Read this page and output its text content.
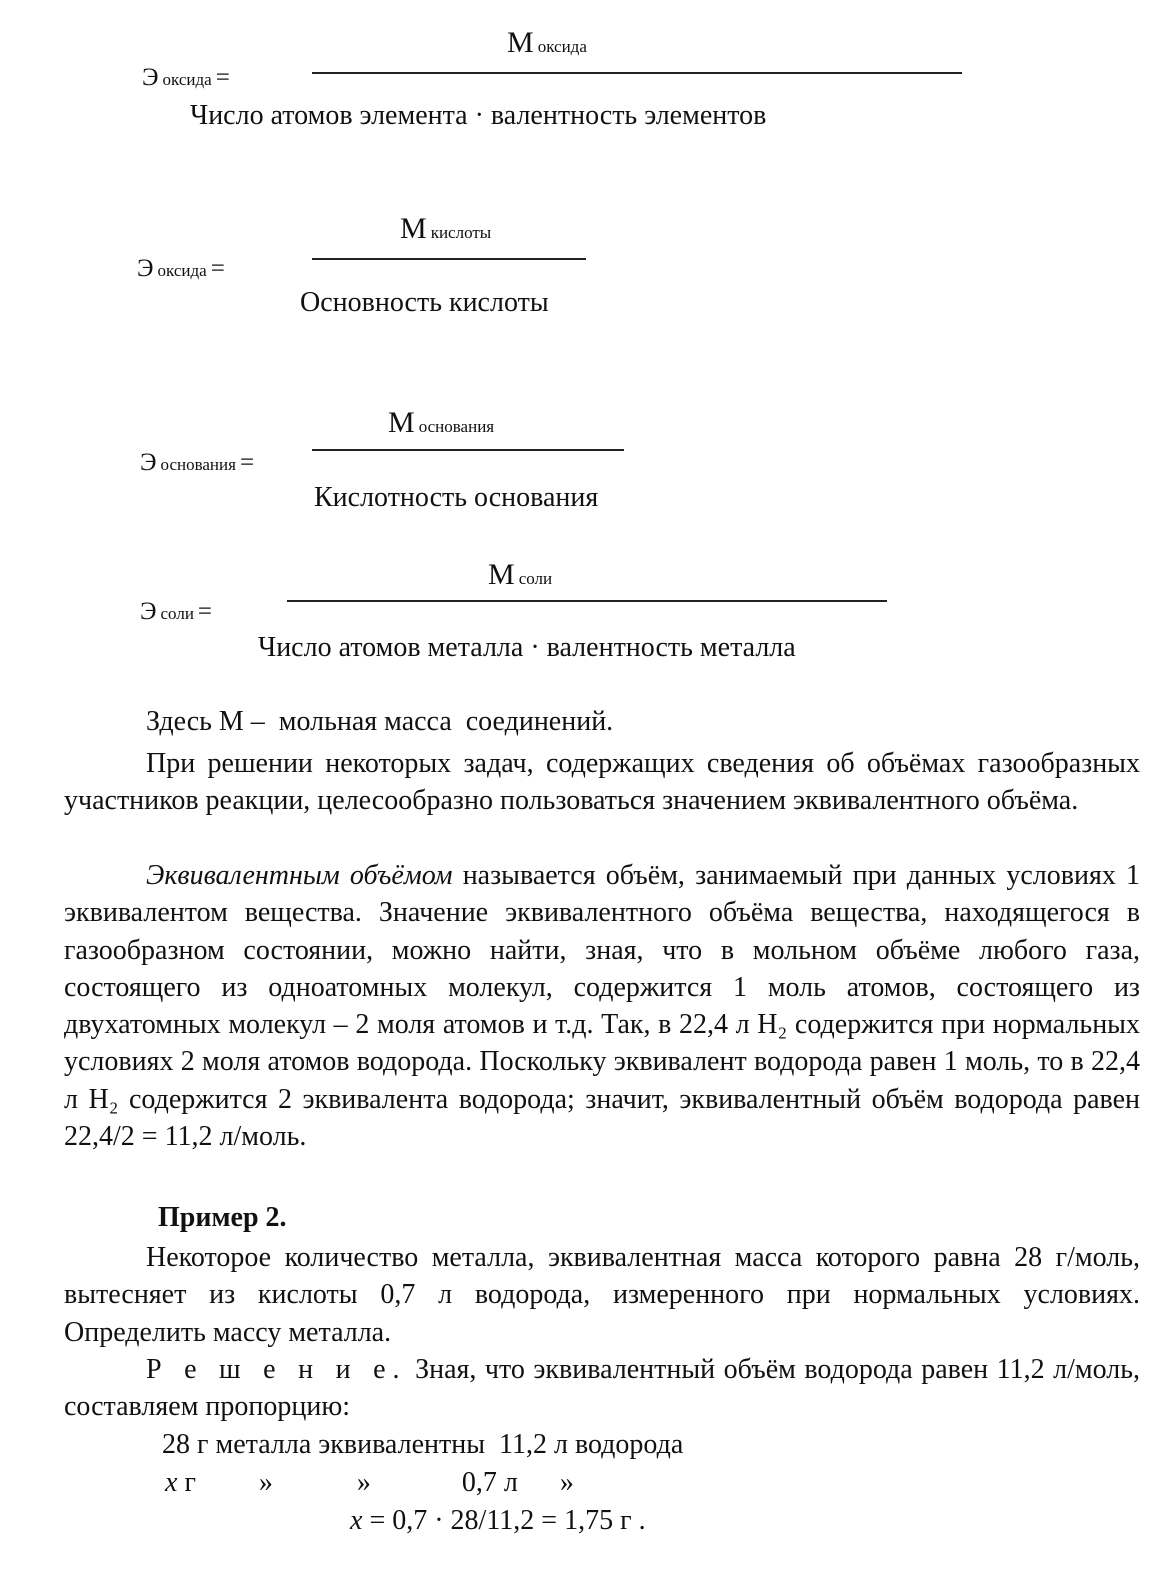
М оксида
Э оксида =
Число атомов элемента · валентность элементов
М кислоты
Э оксида =
Основность кислоты
М основания
Э основания =
Кислотность основания
М соли
Э соли =
Число атомов металла · валентность металла
Здесь М –  мольная масса  соединений.
При решении некоторых задач, содержащих сведения об объёмах газообразных участников реакции, целесообразно пользоваться значением эквивалентного объёма.
Эквивалентным объёмом называется объём, занимаемый при данных условиях 1 эквивалентом вещества. Значение эквивалентного объёма вещества, находящегося в газообразном состоянии, можно найти, зная, что в мольном объёме любого газа, состоящего из одноатомных молекул, содержится 1 моль атомов, состоящего из двухатомных молекул – 2 моля атомов и т.д. Так, в 22,4 л Н₂ содержится при нормальных условиях 2 моля атомов водорода. Поскольку эквивалент водорода равен 1 моль, то в 22,4 л Н₂ содержится 2 эквивалента водорода; значит, эквивалентный объём водорода равен 22,4/2 = 11,2 л/моль.
Пример 2.
Некоторое количество металла, эквивалентная масса которого равна 28 г/моль, вытесняет из кислоты 0,7 л водорода, измеренного при нормальных условиях. Определить массу металла.
Р е ш е н и е. Зная, что эквивалентный объём водорода равен 11,2 л/моль, составляем пропорцию:
28 г металла эквивалентны  11,2 л водорода
х г         »            »             0,7 л      »
х = 0,7 · 28/11,2 = 1,75 г .
